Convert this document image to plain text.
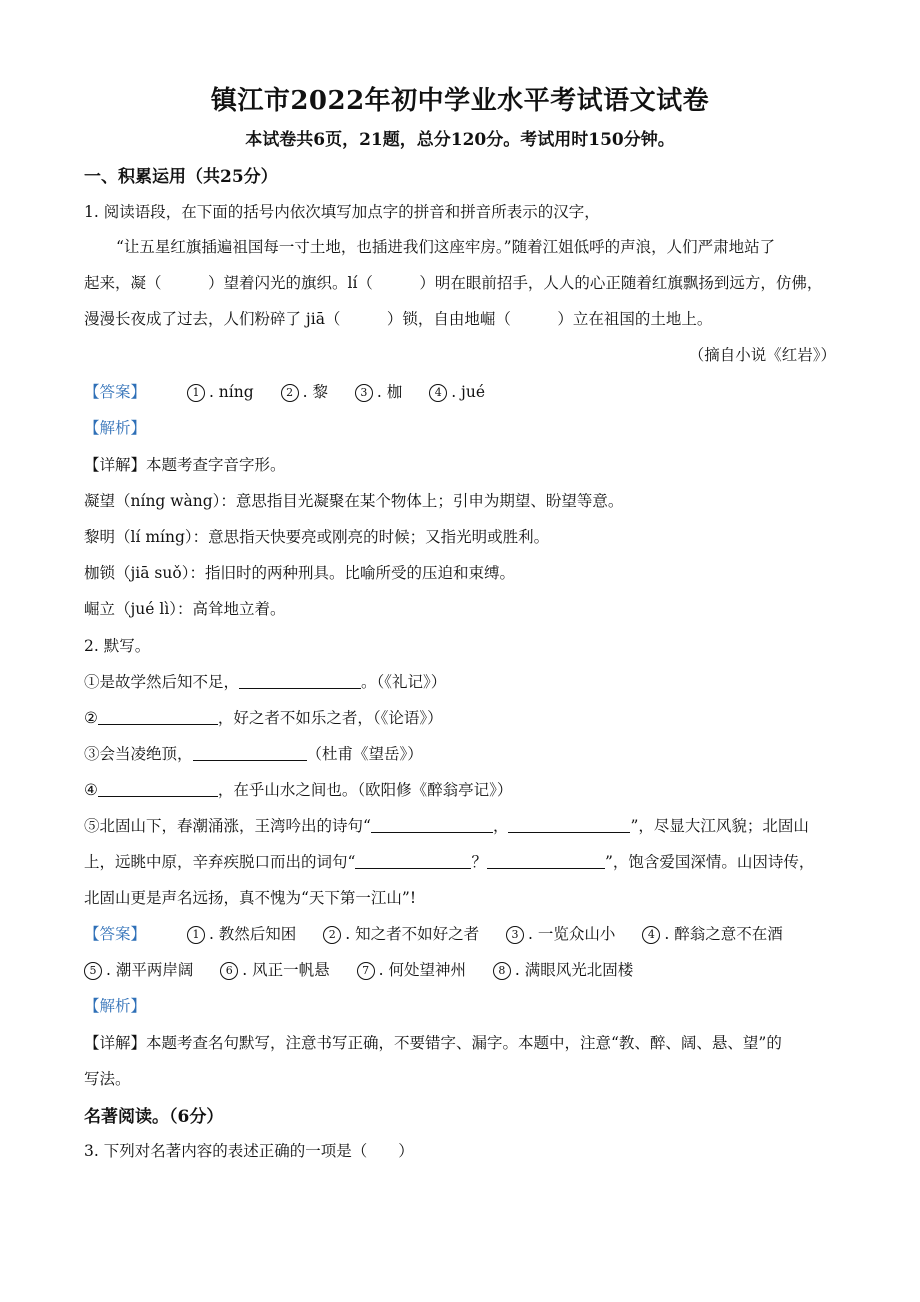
镇江市2022年初中学业水平考试语文试卷
本试卷共6页，21题，总分120分。考试用时150分钟。
一、积累运用（共25分）
1. 阅读语段，在下面的括号内依次填写加点字的拼音和拼音所表示的汉字，
“让五星红旗插遍祖国每一寸土地，也插进我们这座牢房。”随着江姐低呼的声浪，人们严肃地站了
起来，凝（　　　）望着闪光的旗织。lí（　　　）明在眼前招手，人人的心正随着红旗飘扬到远方，仿佛，
漫漫长夜成了过去，人们粉碎了 jiā（　　　）锁，自由地崛（　　　）立在祖国的土地上。
（摘自小说《红岩》）
【答案】	1 . níng	2 . 黎	3 . 枷	4 . jué
【解析】
【详解】本题考查字音字形。
凝望（níng wàng）：意思指目光凝聚在某个物体上；引申为期望、盼望等意。
黎明（lí míng）：意思指天快要亮或刚亮的时候；又指光明或胜利。
枷锁（jiā suǒ）：指旧时的两种刑具。比喻所受的压迫和束缚。
崛立（jué lì）：高耸地立着。
2. 默写。
①是故学然后知不足，	。（《礼记》）
②	，好之者不如乐之者，（《论语》）
③会当凌绝顶，	（杜甫《望岳》）
④	，在乎山水之间也。（欧阳修《醉翁亭记》）
⑤北固山下，春潮涌涨，王湾吟出的诗句“	，	”，尽显大江风貌；北固山
上，远眺中原，辛弃疾脱口而出的词句“	？	”，饱含爱国深情。山因诗传，
北固山更是声名远扬，真不愧为“天下第一江山”!
【答案】	1 . 教然后知困	2 . 知之者不如好之者	3 . 一览众山小	4 . 醉翁之意不在酒
5 . 潮平两岸阔	6 . 风正一帆悬	7 . 何处望神州	8 . 满眼风光北固楼
【解析】
【详解】本题考查名句默写，注意书写正确，不要错字、漏字。本题中，注意“教、醉、阔、悬、望”的
写法。
名著阅读。（6分）
3. 下列对名著内容的表述正确的一项是（　　）
